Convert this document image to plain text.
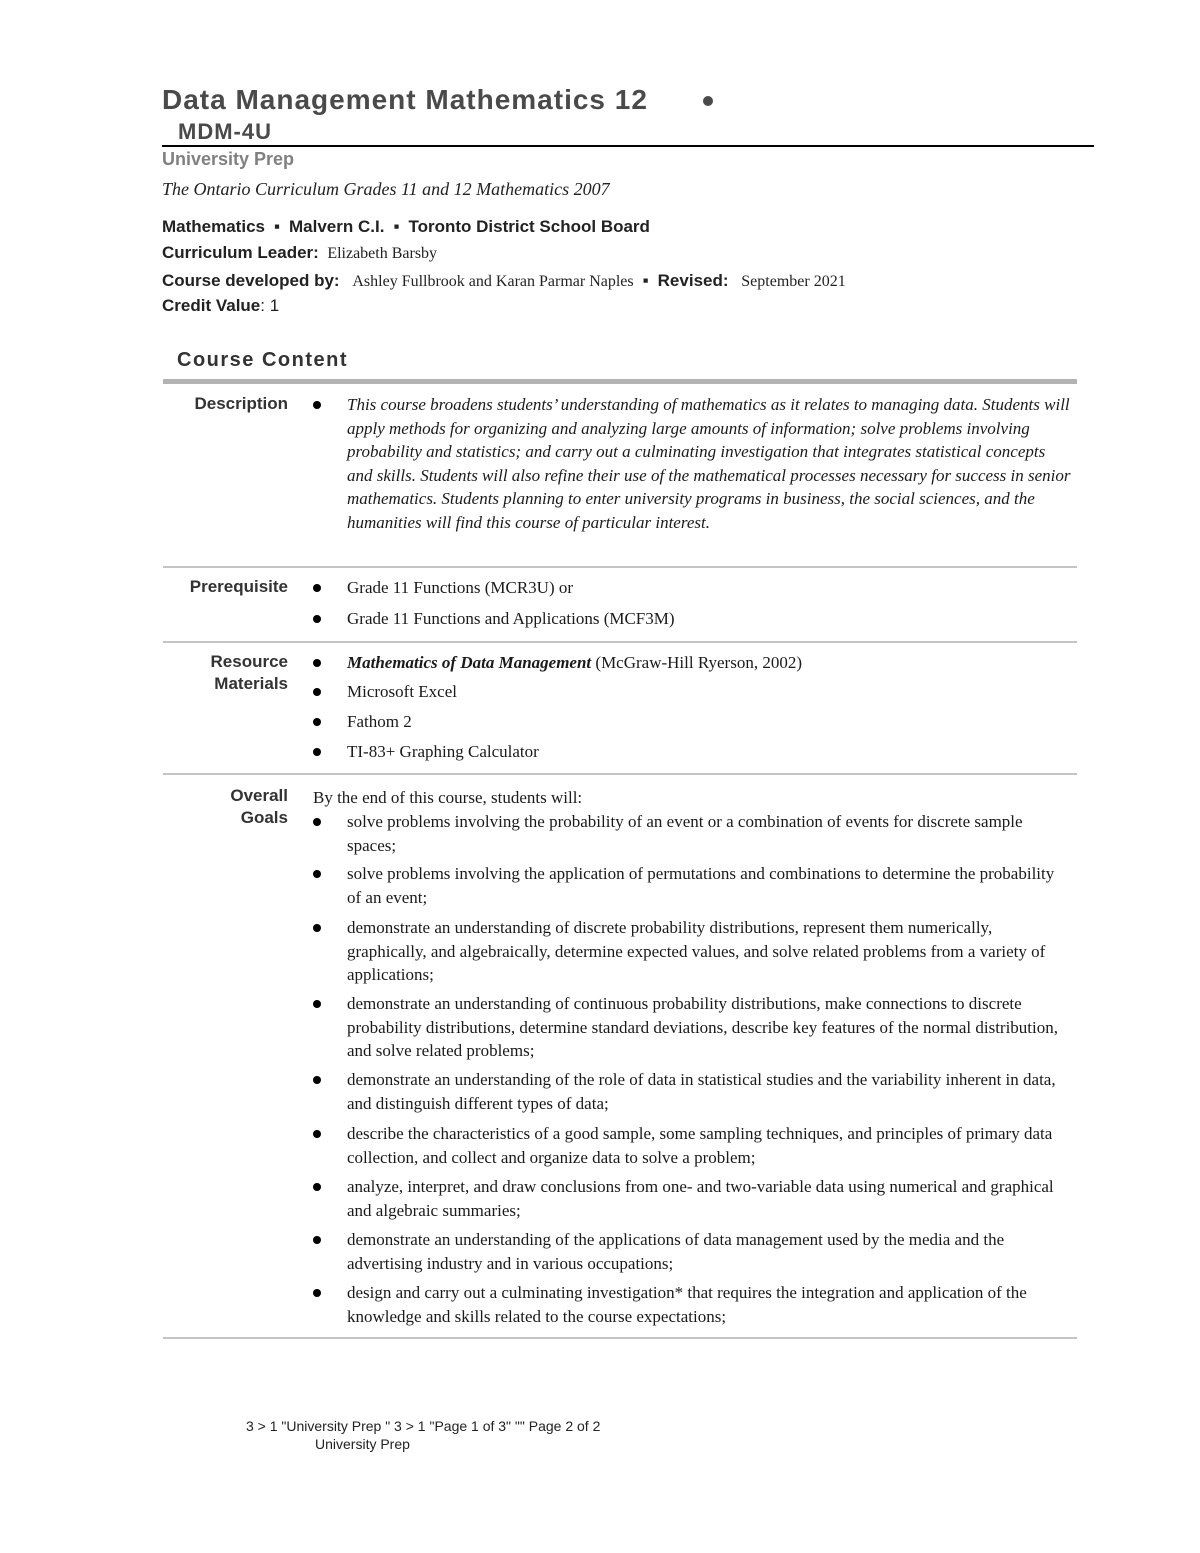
Data Management Mathematics 12
MDM-4U
University Prep
The Ontario Curriculum Grades 11 and 12 Mathematics 2007
Mathematics ▪ Malvern C.I. ▪ Toronto District School Board
Curriculum Leader: Elizabeth Barsby
Course developed by: Ashley Fullbrook and Karan Parmar Naples ▪ Revised: September 2021
Credit Value: 1
Course Content
Description	This course broadens students’ understanding of mathematics as it relates to managing data. Students will apply methods for organizing and analyzing large amounts of information; solve problems involving probability and statistics; and carry out a culminating investigation that integrates statistical concepts and skills. Students will also refine their use of the mathematical processes necessary for success in senior mathematics. Students planning to enter university programs in business, the social sciences, and the humanities will find this course of particular interest.
Prerequisite	Grade 11 Functions (MCR3U) or
Grade 11 Functions and Applications (MCF3M)
Resource
Materials
Mathematics of Data Management (McGraw-Hill Ryerson, 2002)
Microsoft Excel
Fathom 2
TI-83+ Graphing Calculator
Overall
Goals
By the end of this course, students will:
solve problems involving the probability of an event or a combination of events for discrete sample spaces;
solve problems involving the application of permutations and combinations to determine the probability of an event;
demonstrate an understanding of discrete probability distributions, represent them numerically, graphically, and algebraically, determine expected values, and solve related problems from a variety of applications;
demonstrate an understanding of continuous probability distributions, make connections to discrete probability distributions, determine standard deviations, describe key features of the normal distribution, and solve related problems;
demonstrate an understanding of the role of data in statistical studies and the variability inherent in data, and distinguish different types of data;
describe the characteristics of a good sample, some sampling techniques, and principles of primary data collection, and collect and organize data to solve a problem;
analyze, interpret, and draw conclusions from one- and two-variable data using numerical and graphical and algebraic summaries;
demonstrate an understanding of the applications of data management used by the media and the advertising industry and in various occupations;
design and carry out a culminating investigation* that requires the integration and application of the knowledge and skills related to the course expectations;
3 > 1 "University Prep " 3 > 1 "Page 1 of 3" "" Page 2 of 2
University Prep
